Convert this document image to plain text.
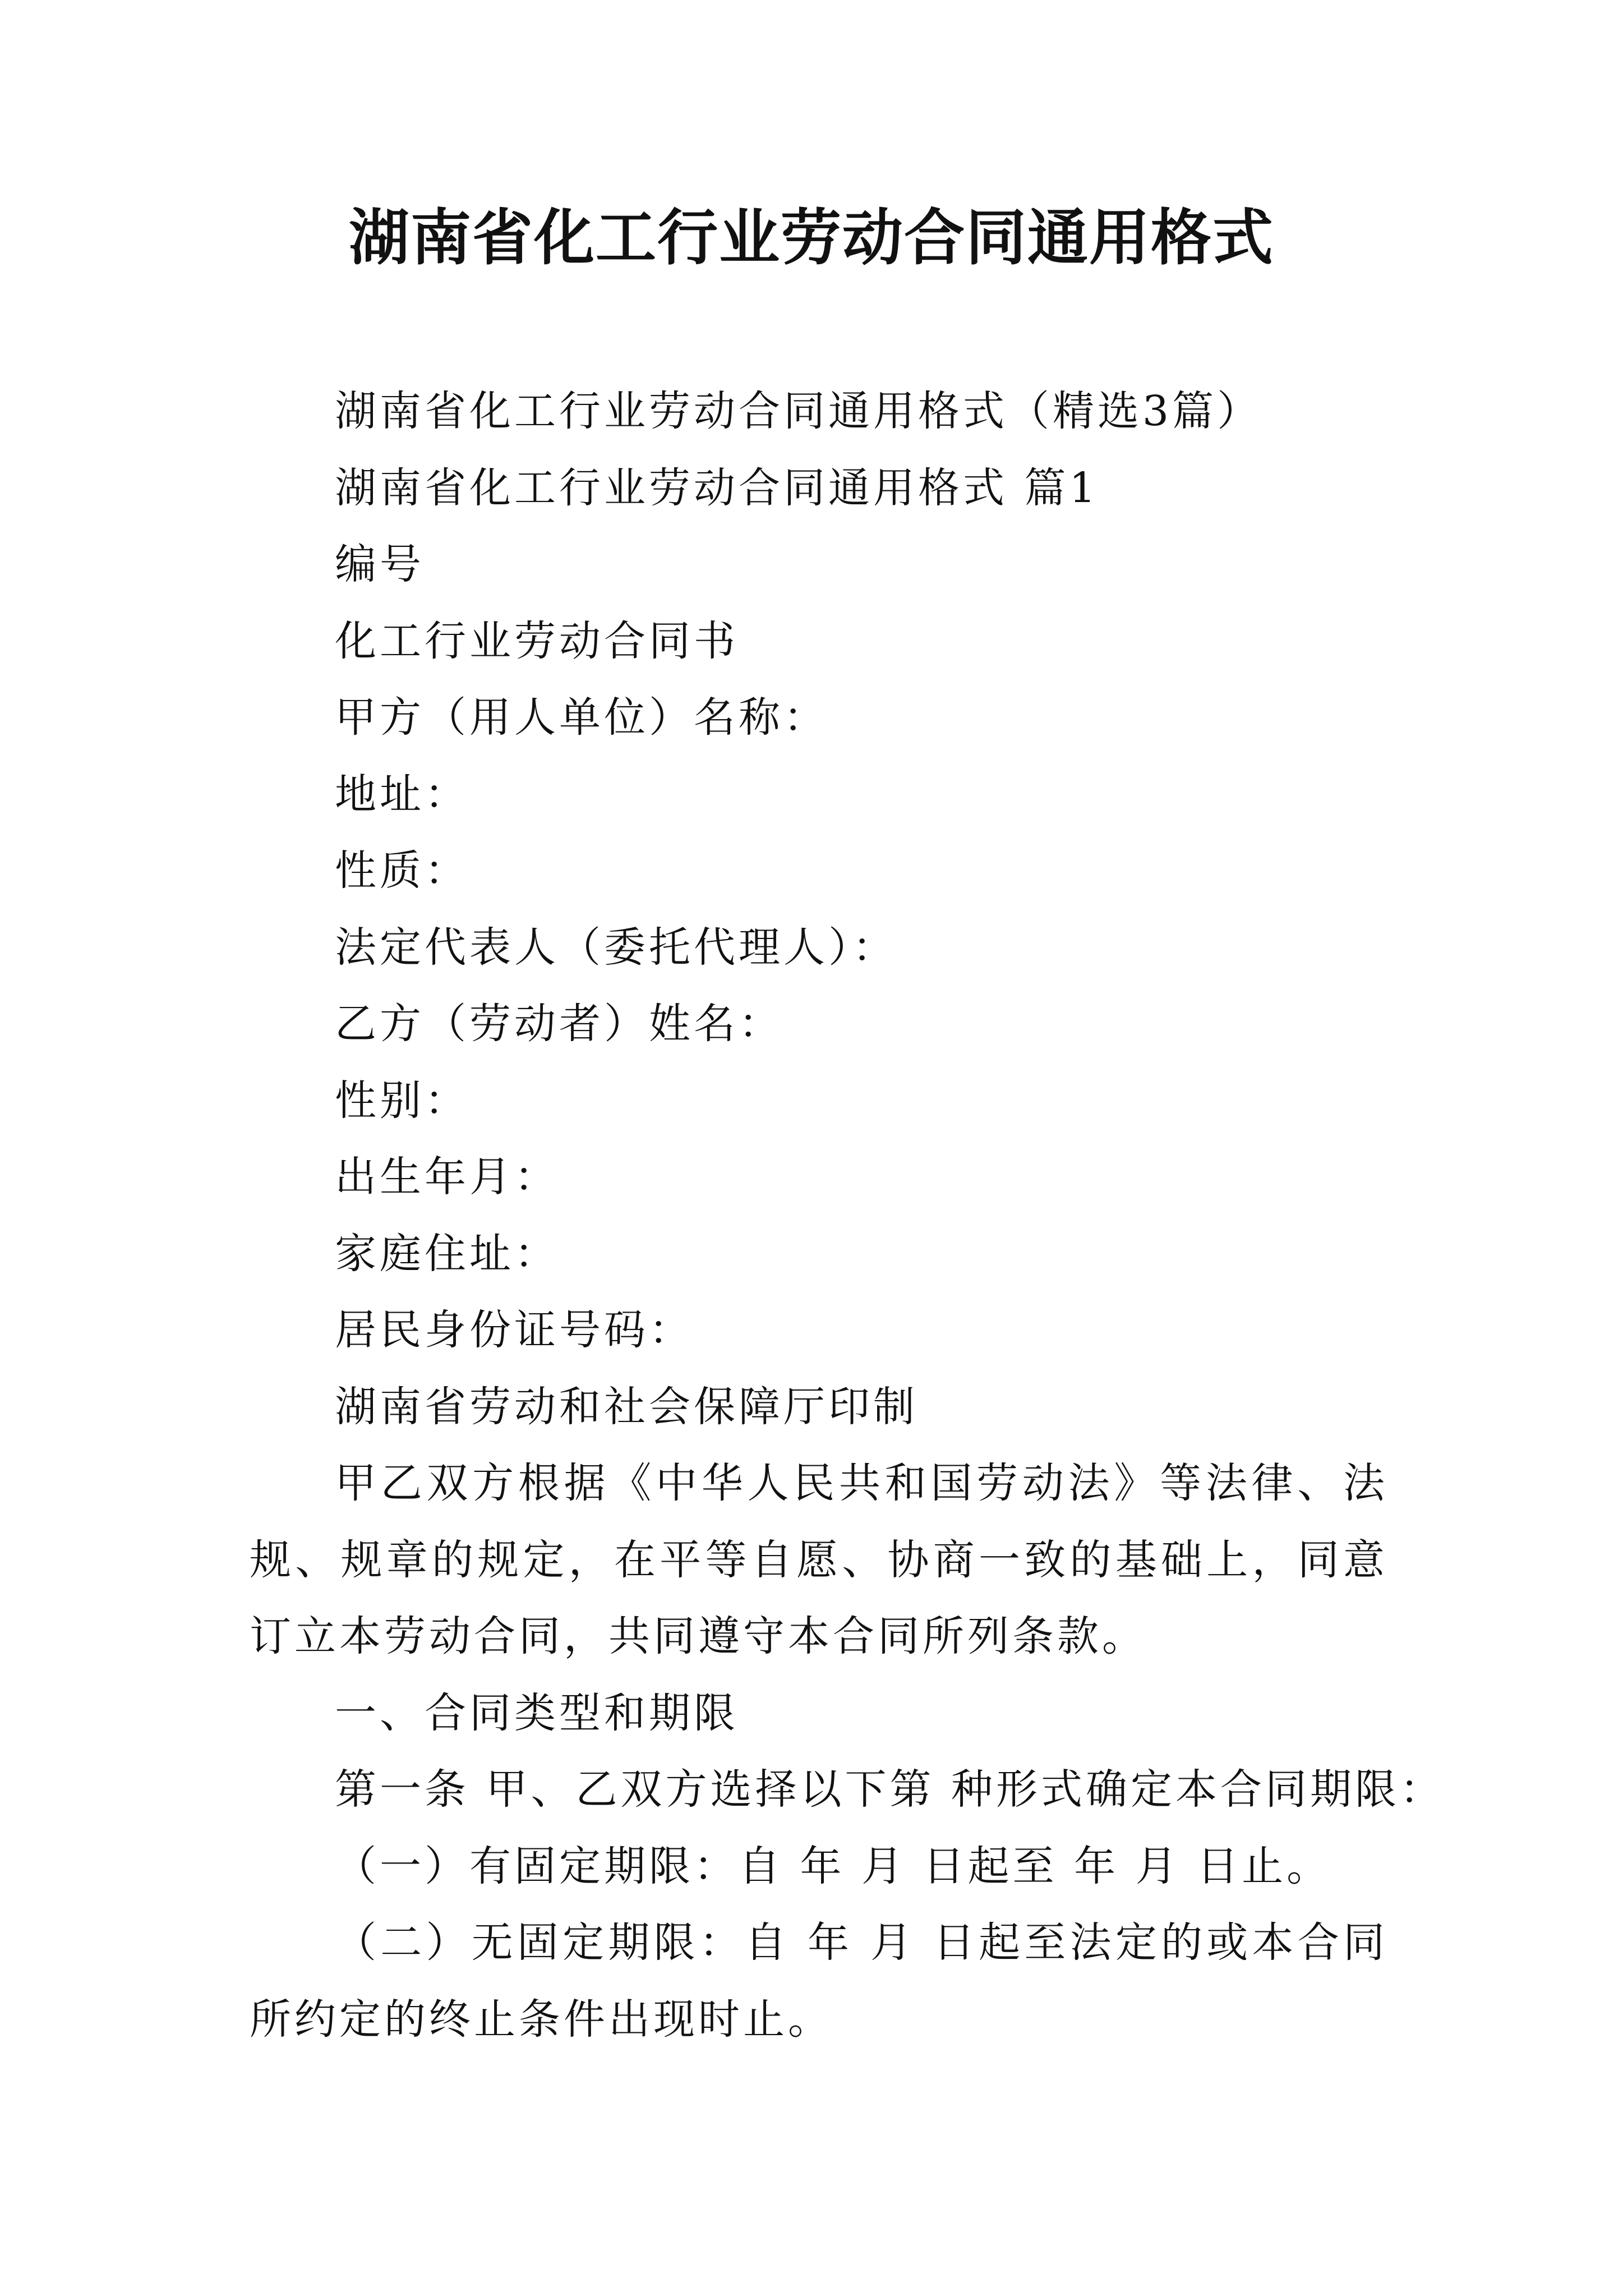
湖南省化工行业劳动合同通用格式

湖南省化工行业劳动合同通用格式（精选3篇）

湖南省化工行业劳动合同通用格式 篇1

编号

化工行业劳动合同书

甲方（用人单位）名称：

地址：

性质：

法定代表人（委托代理人）：

乙方（劳动者）姓名：

性别：

出生年月：

家庭住址：

居民身份证号码：

湖南省劳动和社会保障厅印制

甲乙双方根据《中华人民共和国劳动法》等法律、法规、规章的规定，在平等自愿、协商一致的基础上，同意订立本劳动合同，共同遵守本合同所列条款。

一、合同类型和期限

第一条 甲、乙双方选择以下第 种形式确定本合同期限：

（一）有固定期限：自 年 月 日起至 年 月 日止。

（二）无固定期限：自 年 月 日起至法定的或本合同所约定的终止条件出现时止。
